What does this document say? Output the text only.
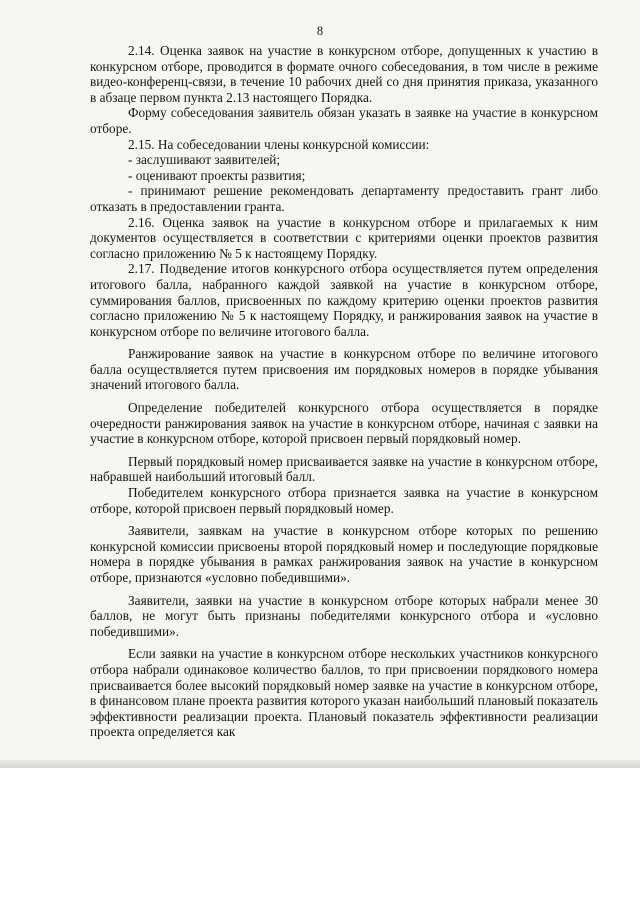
8

2.14. Оценка заявок на участие в конкурсном отборе, допущенных к участию в конкурсном отборе, проводится в формате очного собеседования, в том числе в режиме видео-конференц-связи, в течение 10 рабочих дней со дня принятия приказа, указанного в абзаце первом пункта 2.13 настоящего Порядка.

Форму собеседования заявитель обязан указать в заявке на участие в конкурсном отборе.

2.15. На собеседовании члены конкурсной комиссии:

- заслушивают заявителей;

- оценивают проекты развития;

- принимают решение рекомендовать департаменту предоставить грант либо отказать в предоставлении гранта.

2.16. Оценка заявок на участие в конкурсном отборе и прилагаемых к ним документов осуществляется в соответствии с критериями оценки проектов развития согласно приложению № 5 к настоящему Порядку.

2.17. Подведение итогов конкурсного отбора осуществляется путем определения итогового балла, набранного каждой заявкой на участие в конкурсном отборе, суммирования баллов, присвоенных по каждому критерию оценки проектов развития согласно приложению № 5 к настоящему Порядку, и ранжирования заявок на участие в конкурсном отборе по величине итогового балла.

Ранжирование заявок на участие в конкурсном отборе по величине итогового балла осуществляется путем присвоения им порядковых номеров в порядке убывания значений итогового балла.

Определение победителей конкурсного отбора осуществляется в порядке очередности ранжирования заявок на участие в конкурсном отборе, начиная с заявки на участие в конкурсном отборе, которой присвоен первый порядковый номер.

Первый порядковый номер присваивается заявке на участие в конкурсном отборе, набравшей наибольший итоговый балл.

Победителем конкурсного отбора признается заявка на участие в конкурсном отборе, которой присвоен первый порядковый номер.

Заявители, заявкам на участие в конкурсном отборе которых по решению конкурсной комиссии присвоены второй порядковый номер и последующие порядковые номера в порядке убывания в рамках ранжирования заявок на участие в конкурсном отборе, признаются «условно победившими».

Заявители, заявки на участие в конкурсном отборе которых набрали менее 30 баллов, не могут быть признаны победителями конкурсного отбора и «условно победившими».

Если заявки на участие в конкурсном отборе нескольких участников конкурсного отбора набрали одинаковое количество баллов, то при присвоении порядкового номера присваивается более высокий порядковый номер заявке на участие в конкурсном отборе, в финансовом плане проекта развития которого указан наибольший плановый показатель эффективности реализации проекта. Плановый показатель эффективности реализации проекта определяется как
